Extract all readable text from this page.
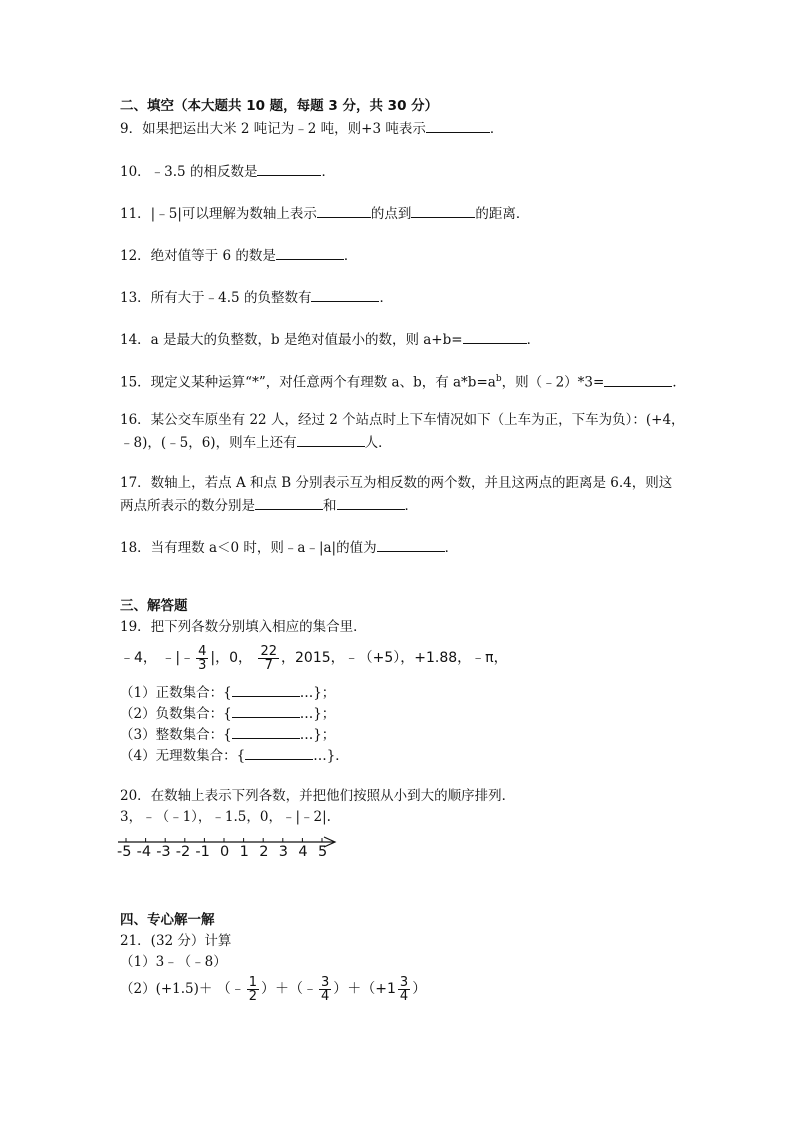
二、填空（本大题共 10 题，每题 3 分，共 30 分）
9．如果把运出大米 2 吨记为﹣2 吨，则+3 吨表示	．
10．﹣3.5 的相反数是	．
11．|﹣5|可以理解为数轴上表示	的点到	的距离．
12．绝对值等于 6 的数是	．
13．所有大于﹣4.5 的负整数有	．
14．a 是最大的负整数，b 是绝对值最小的数，则 a+b=	．
15．现定义某种运算“*”，对任意两个有理数 a、b，有 $a*b=a^b$，则（﹣2）*3=	．
16．某公交车原坐有 22 人，经过 2 个站点时上下车情况如下（上车为正，下车为负）：(+4，
﹣8)，(﹣5，6)，则车上还有	人．
17．数轴上，若点 A 和点 B 分别表示互为相反数的两个数，并且这两点的距离是 6.4，则这
两点所表示的数分别是	和	．
18．当有理数 a＜0 时，则﹣a﹣|a|的值为	．
三、解答题
19．把下列各数分别填入相应的集合里．
﹣4， ﹣|﹣ $\frac{4}{3}$ |，0， $\frac{22}{7}$ ，2015，﹣（+5），+1.88，﹣π，
（1）正数集合：{	…}；
（2）负数集合：{	…}；
（3）整数集合：{	…}；
（4）无理数集合：{	…}．
20．在数轴上表示下列各数，并把他们按照从小到大的顺序排列．
3，﹣（﹣1），﹣1.5，0，﹣|﹣2|.
-5 -4 -3 -2 -1 0 1 2 3 4 5
四、专心解一解
21．(32 分）计算
（1）3﹣（﹣8）
（2）(+1.5)＋ （﹣ $\frac{1}{2}$ ）＋（﹣ $\frac{3}{4} )+(+1 \frac{3}{4}$ ）
